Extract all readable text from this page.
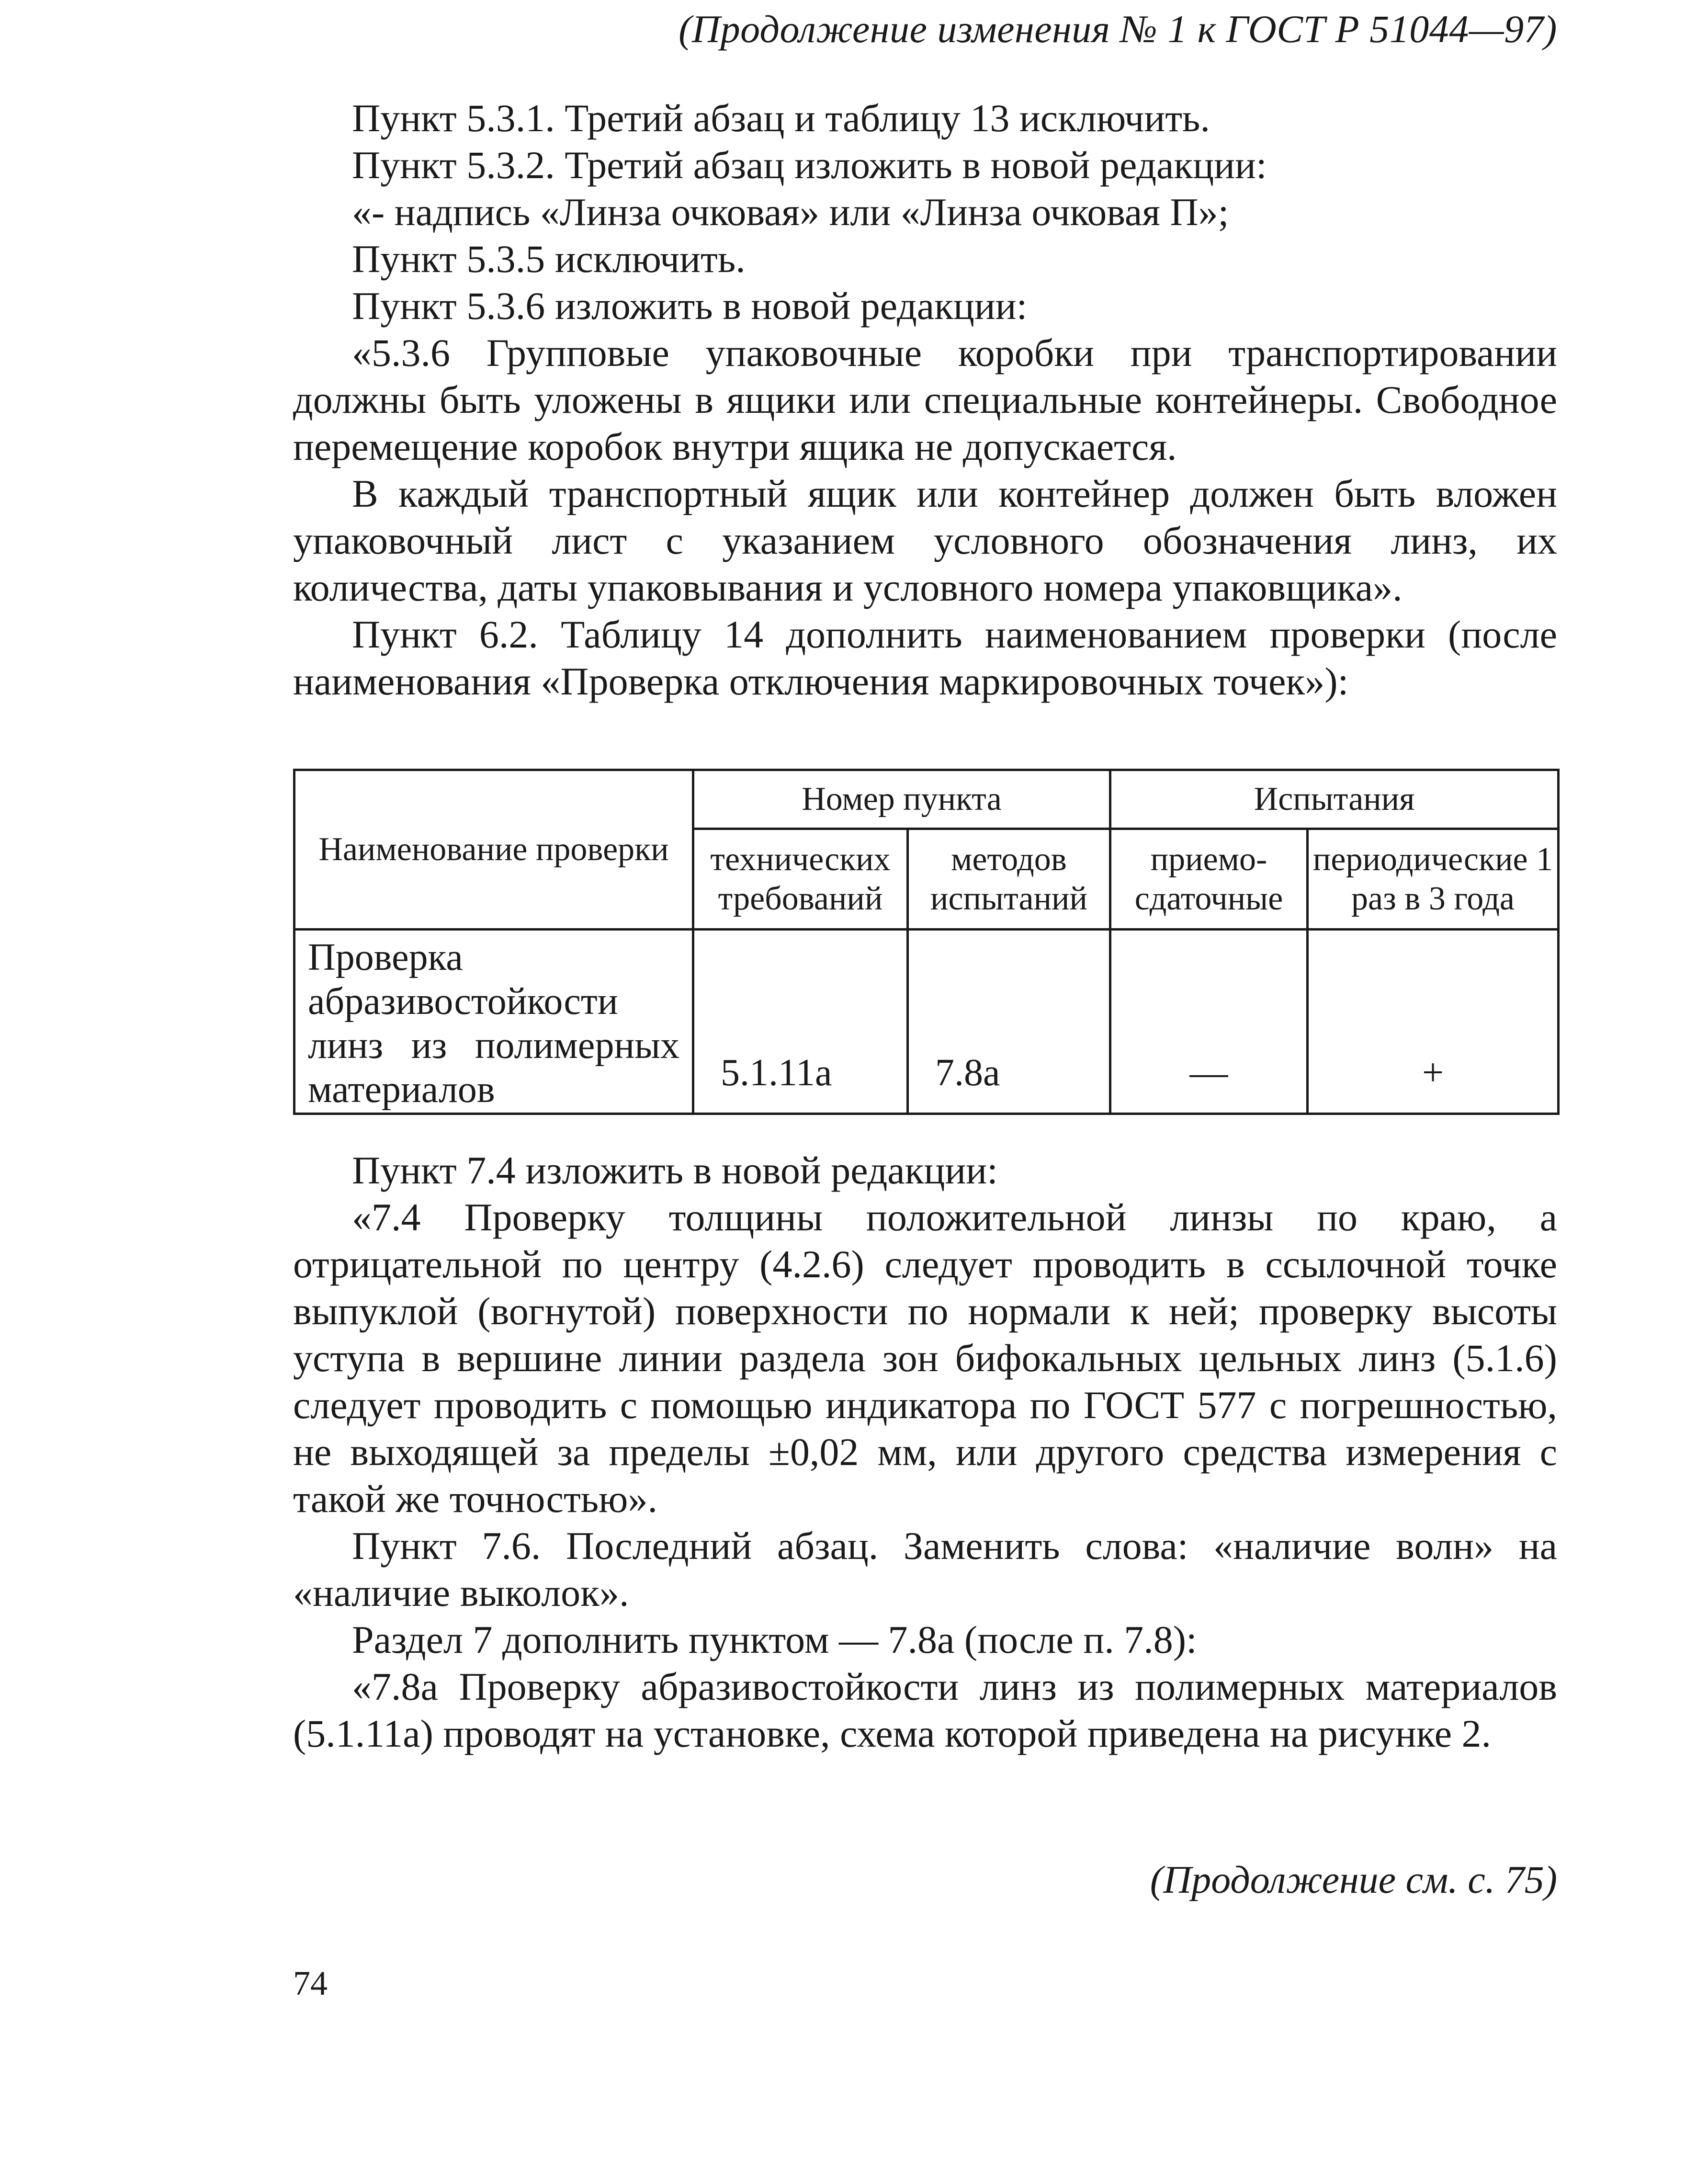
(Продолжение изменения № 1 к ГОСТ Р 51044—97)

Пункт 5.3.1. Третий абзац и таблицу 13 исключить.

Пункт 5.3.2. Третий абзац изложить в новой редакции:

«- надпись «Линза очковая» или «Линза очковая П»;

Пункт 5.3.5 исключить.

Пункт 5.3.6 изложить в новой редакции:

«5.3.6 Групповые упаковочные коробки при транспортировании должны быть уложены в ящики или специальные контейнеры. Свободное перемещение коробок внутри ящика не допускается.

В каждый транспортный ящик или контейнер должен быть вложен упаковочный лист с указанием условного обозначения линз, их количества, даты упаковывания и условного номера упаковщика».

Пункт 6.2. Таблицу 14 дополнить наименованием проверки (после наименования «Проверка отключения маркировочных точек»):

Наименование проверки	Номер пункта		Испытания	
	технических требований	методов испытаний	приемо-сдаточные	периодические 1 раз в 3 года
Проверка абразивостойкости линз из полимерных материалов	5.1.11а	7.8а	—	+

Пункт 7.4 изложить в новой редакции:

«7.4 Проверку толщины положительной линзы по краю, а отрицательной по центру (4.2.6) следует проводить в ссылочной точке выпуклой (вогнутой) поверхности по нормали к ней; проверку высоты уступа в вершине линии раздела зон бифокальных цельных линз (5.1.6) следует проводить с помощью индикатора по ГОСТ 577 с погрешностью, не выходящей за пределы ±0,02 мм, или другого средства измерения с такой же точностью».

Пункт 7.6. Последний абзац. Заменить слова: «наличие волн» на «наличие выколок».

Раздел 7 дополнить пунктом — 7.8а (после п. 7.8):

«7.8а Проверку абразивостойкости линз из полимерных материалов (5.1.11а) проводят на установке, схема которой приведена на рисунке 2.

(Продолжение см. с. 75)
74
